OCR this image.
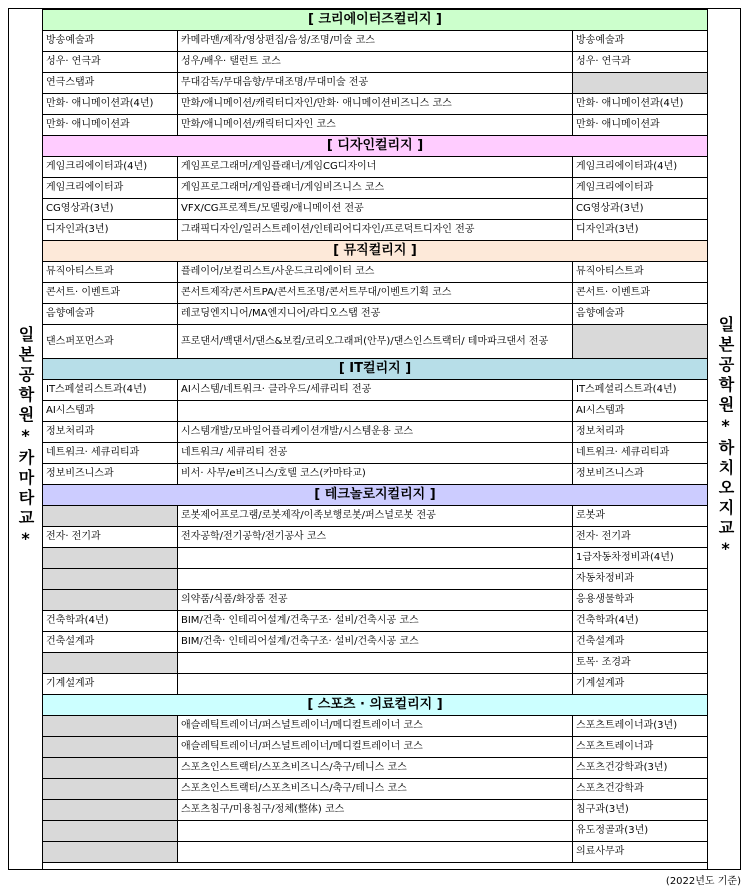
일본공학원*카마타교*	일본공학원*하치오지교*
[ 크리에이터즈컬리지 ]		
방송예술과	카메라맨/제작/영상편집/음성/조명/미술 코스	방송예술과
성우· 연극과	성우/배우· 탤런트 코스	성우· 연극과
연극스탭과	무대감독/무대음향/무대조명/무대미술 전공	
만화· 애니메이션과(4년)	만화/애니메이션/캐릭터디자인/만화· 애니메이션비즈니스 코스	만화· 애니메이션과(4년)
만화· 애니메이션과	만화/애니메이션/캐릭터디자인 코스	만화· 애니메이션과
[ 디자인컬리지 ]		
게임크리에이터과(4년)	게임프로그래머/게임플래너/게임CG디자이너	게임크리에이터과(4년)
게임크리에이터과	게임프로그래머/게임플래너/게임비즈니스 코스	게임크리에이터과
CG영상과(3년)	VFX/CG프로젝트/모델링/애니메이션 전공	CG영상과(3년)
디자인과(3년)	그래픽디자인/일러스트레이션/인테리어디자인/프로덕트디자인 전공	디자인과(3년)
[ 뮤직컬리지 ]		
뮤직아티스트과	플레이어/보컬리스트/사운드크리에이터 코스	뮤직아티스트과
콘서트· 이벤트과	콘서트제작/콘서트PA/콘서트조명/콘서트무대/이벤트기획 코스	콘서트· 이벤트과
음향예술과	레코딩엔지니어/MA엔지니어/라디오스탭 전공	음향예술과
댄스퍼포먼스과	프로댄서/백댄서/댄스&보컬/코리오그래퍼(안무)/댄스인스트랙터/ 테마파크댄서 전공	
[ IT컬리지 ]		
IT스페셜리스트과(4년)	AI시스템/네트워크· 클라우드/세큐리티 전공	IT스페셜리스트과(4년)
AI시스템과		AI시스템과
정보처리과	시스템개발/모바일어플리케이션개발/시스템운용 코스	정보처리과
네트워크· 세큐리티과	네트워크/ 세큐리티 전공	네트워크· 세큐리티과
정보비즈니스과	비서· 사무/e비즈니스/호텔 코스(카마타교)	정보비즈니스과
[ 테크놀로지컬리지 ]		
	로봇제어프로그램/로봇제작/이족보행로봇/퍼스널로봇 전공	로봇과
전자· 전기과	전자공학/전기공학/전기공사 코스	전자· 전기과
		1급자동차정비과(4년)
		자동차정비과
	의약품/식품/화장품 전공	응용생물학과
건축학과(4년)	BIM/건축· 인테리어설계/건축구조· 설비/건축시공 코스	건축학과(4년)
건축설계과	BIM/건축· 인테리어설계/건축구조· 설비/건축시공 코스	건축설계과
		토목· 조경과
기계설계과		기계설계과
[ 스포츠 · 의료컬리지 ]		
	애슬레틱트레이너/퍼스널트레이너/메디컬트레이너 코스	스포츠트레이너과(3년)
	애슬레틱트레이너/퍼스널트레이너/메디컬트레이너 코스	스포츠트레이너과
	스포츠인스트랙터/스포츠비즈니스/축구/테니스 코스	스포츠건강학과(3년)
	스포츠인스트랙터/스포츠비즈니스/축구/테니스 코스	스포츠건강학과
	스포츠침구/미용침구/정체(整体) 코스	침구과(3년)
		유도정골과(3년)
		의료사무과
(2022년도 기준)
